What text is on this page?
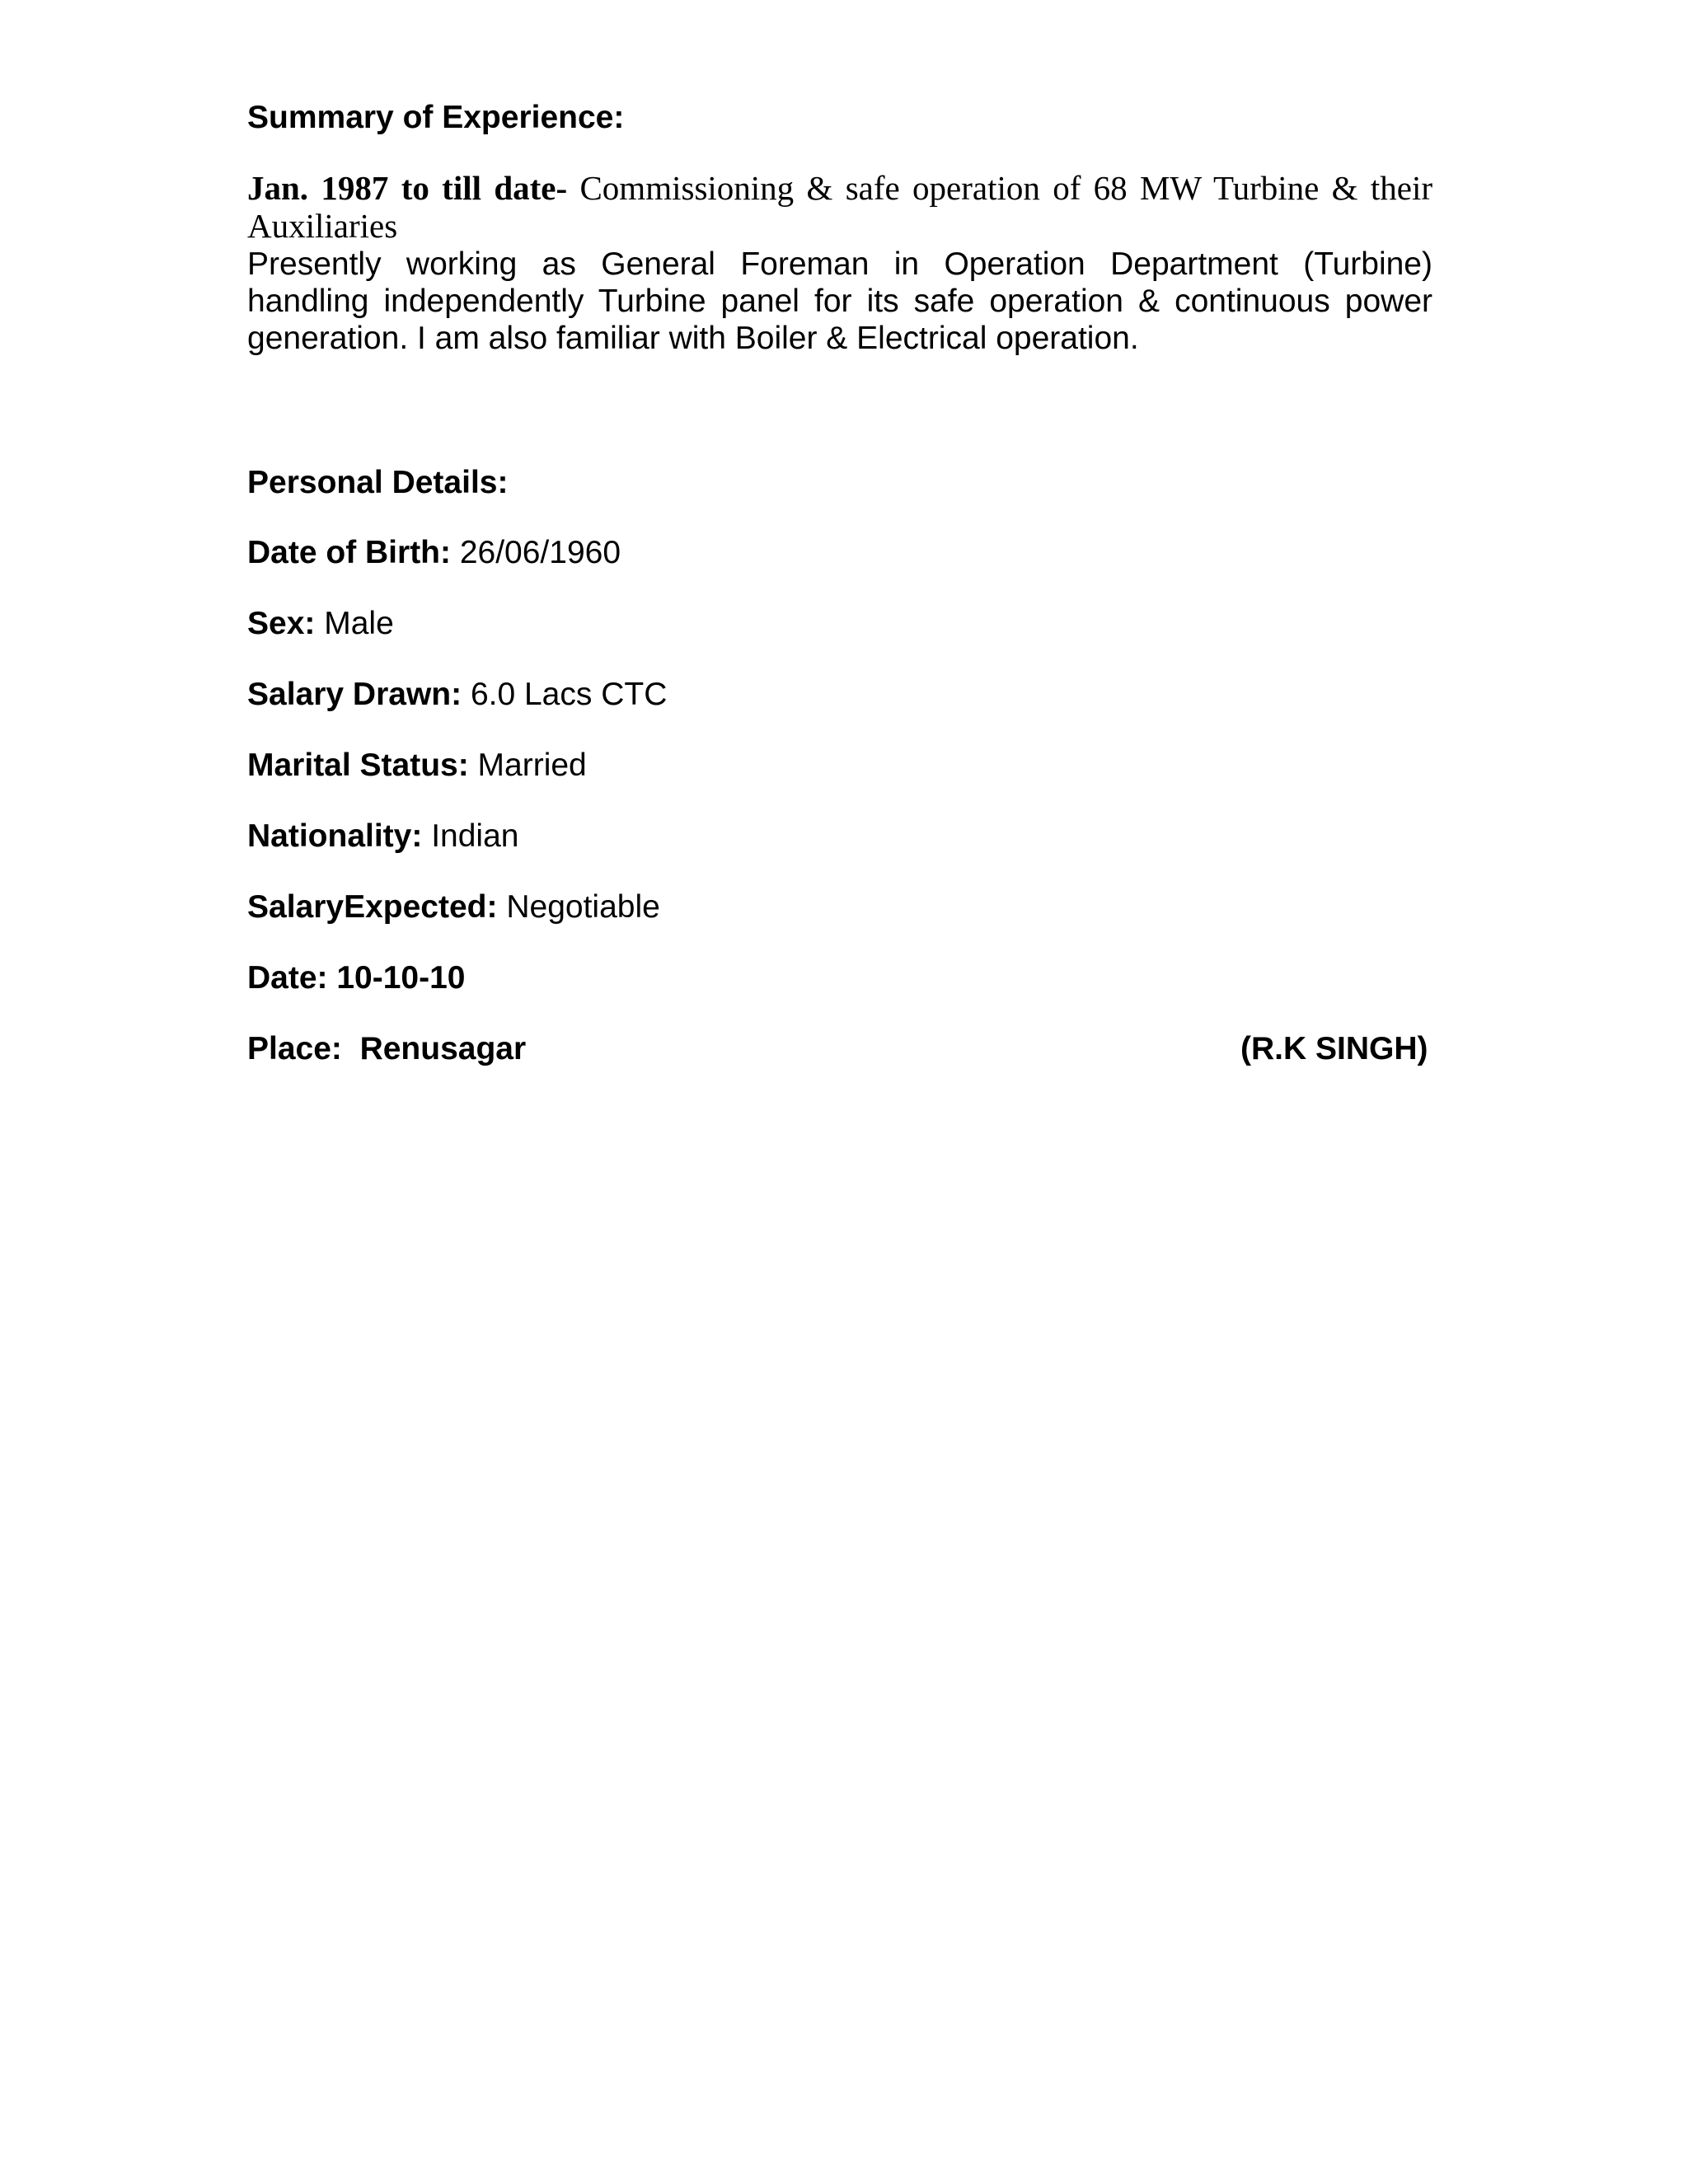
Summary of Experience:
Jan. 1987 to till date- Commissioning & safe operation of 68 MW Turbine & their Auxiliaries
Presently working as General Foreman in Operation Department (Turbine) handling independently Turbine panel for its safe operation & continuous power generation. I am also familiar with Boiler & Electrical operation.
Personal Details:
Date of Birth: 26/06/1960
Sex: Male
Salary Drawn: 6.0 Lacs CTC
Marital Status: Married
Nationality: Indian
SalaryExpected: Negotiable
Date: 10-10-10
Place:  Renusagar	(R.K SINGH)
